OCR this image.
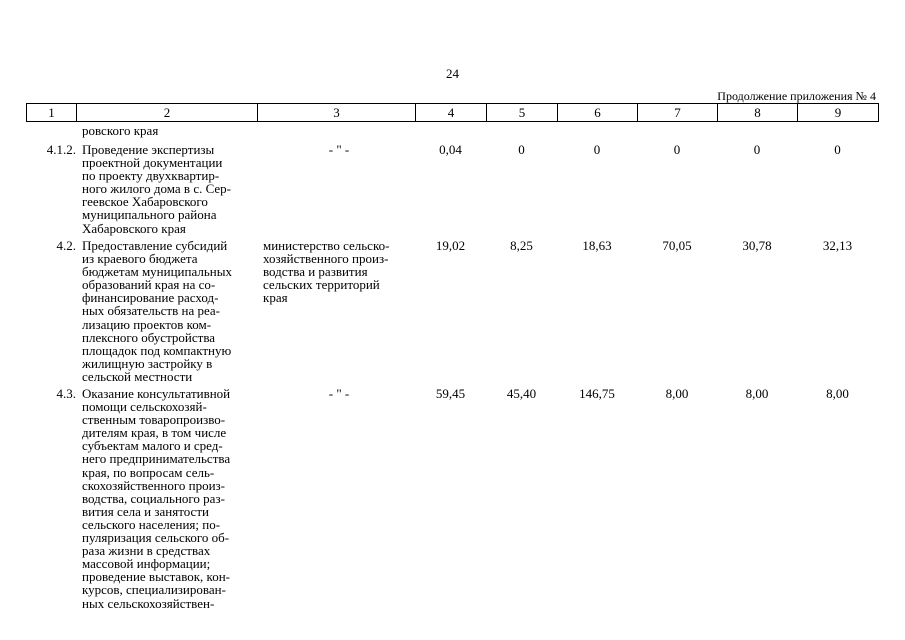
24
Продолжение приложения № 4
1	2	3	4	5	6	7	8	9
ровского края
4.1.2. Проведение экспертизы
проектной документации
по проекту двухквартир-
ного жилого дома в с. Сер-
геевское Хабаровского
муниципального района
Хабаровского края
- " -	0,04	0	0	0	0	0
4.2. Предоставление субсидий
из краевого бюджета
бюджетам муниципальных
образований края на со-
финансирование расход-
ных обязательств на реа-
лизацию проектов ком-
плексного обустройства
площадок под компактную
жилищную застройку в
сельской местности
министерство сельско-
хозяйственного произ-
водства и развития
сельских территорий
края
19,02	8,25	18,63	70,05	30,78	32,13
4.3. Оказание консультативной
помощи сельскохозяй-
ственным товаропроизво-
дителям края, в том числе
субъектам малого и сред-
него предпринимательства
края, по вопросам сель-
скохозяйственного произ-
водства, социального раз-
вития села и занятости
сельского населения; по-
пуляризация сельского об-
раза жизни в средствах
массовой информации;
проведение выставок, кон-
курсов, специализирован-
ных сельскохозяйствен-
- " -	59,45	45,40	146,75	8,00	8,00	8,00
